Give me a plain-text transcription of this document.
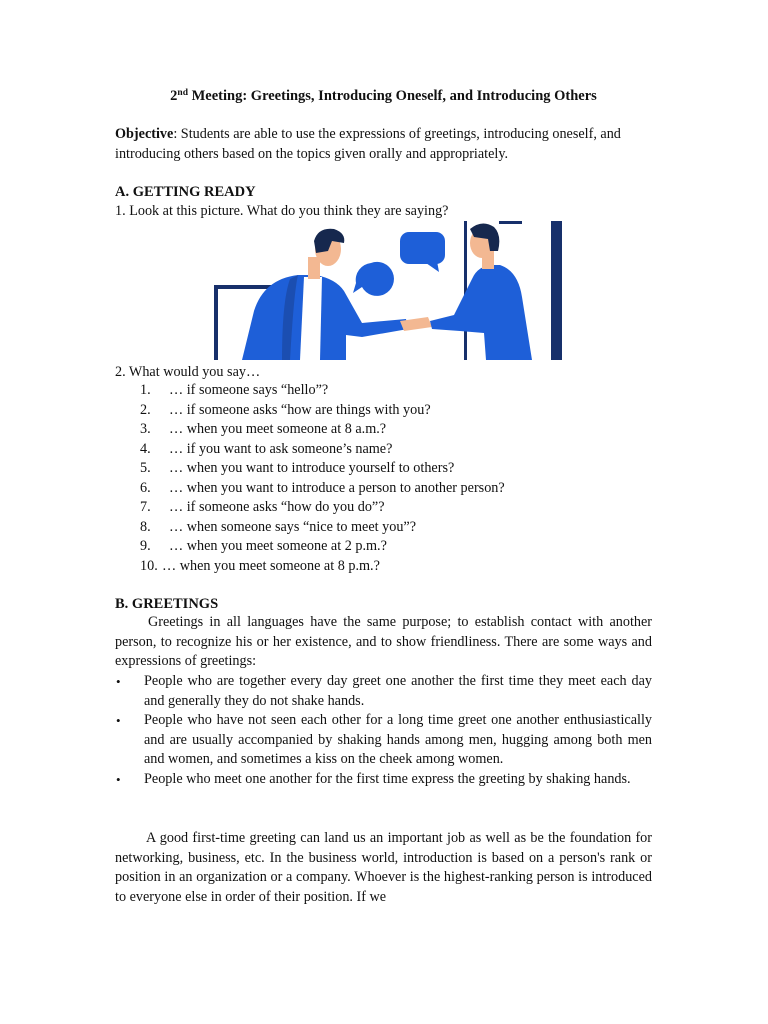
2nd Meeting: Greetings, Introducing Oneself, and Introducing Others
Objective: Students are able to use the expressions of greetings, introducing oneself, and introducing others based on the topics given orally and appropriately.
A. GETTING READY
1. Look at this picture. What do you think they are saying?
2. What would you say…
1.	… if someone says “hello”?
2.	… if someone asks “how are things with you?
3.	… when you meet someone at 8 a.m.?
4.	… if you want to ask someone’s name?
5.	… when you want to introduce yourself to others?
6.	… when you want to introduce a person to another person?
7.	… if someone asks “how do you do”?
8.	… when someone says “nice to meet you”?
9.	… when you meet someone at 2 p.m.?
10. … when you meet someone at 8 p.m.?
B. GREETINGS

Greetings in all languages have the same purpose; to establish contact with another person, to recognize his or her existence, and to show friendliness. There are some ways and expressions of greetings:

• People who are together every day greet one another the first time they meet each day and generally they do not shake hands.
• People who have not seen each other for a long time greet one another enthusiastically and are usually accompanied by shaking hands among men, hugging among both men and women, and sometimes a kiss on the cheek among women.
• People who meet one another for the first time express the greeting by shaking hands.

A good first-time greeting can land us an important job as well as be the foundation for networking, business, etc. In the business world, introduction is based on a person's rank or position in an organization or a company. Whoever is the highest-ranking person is introduced to everyone else in order of their position. If we
